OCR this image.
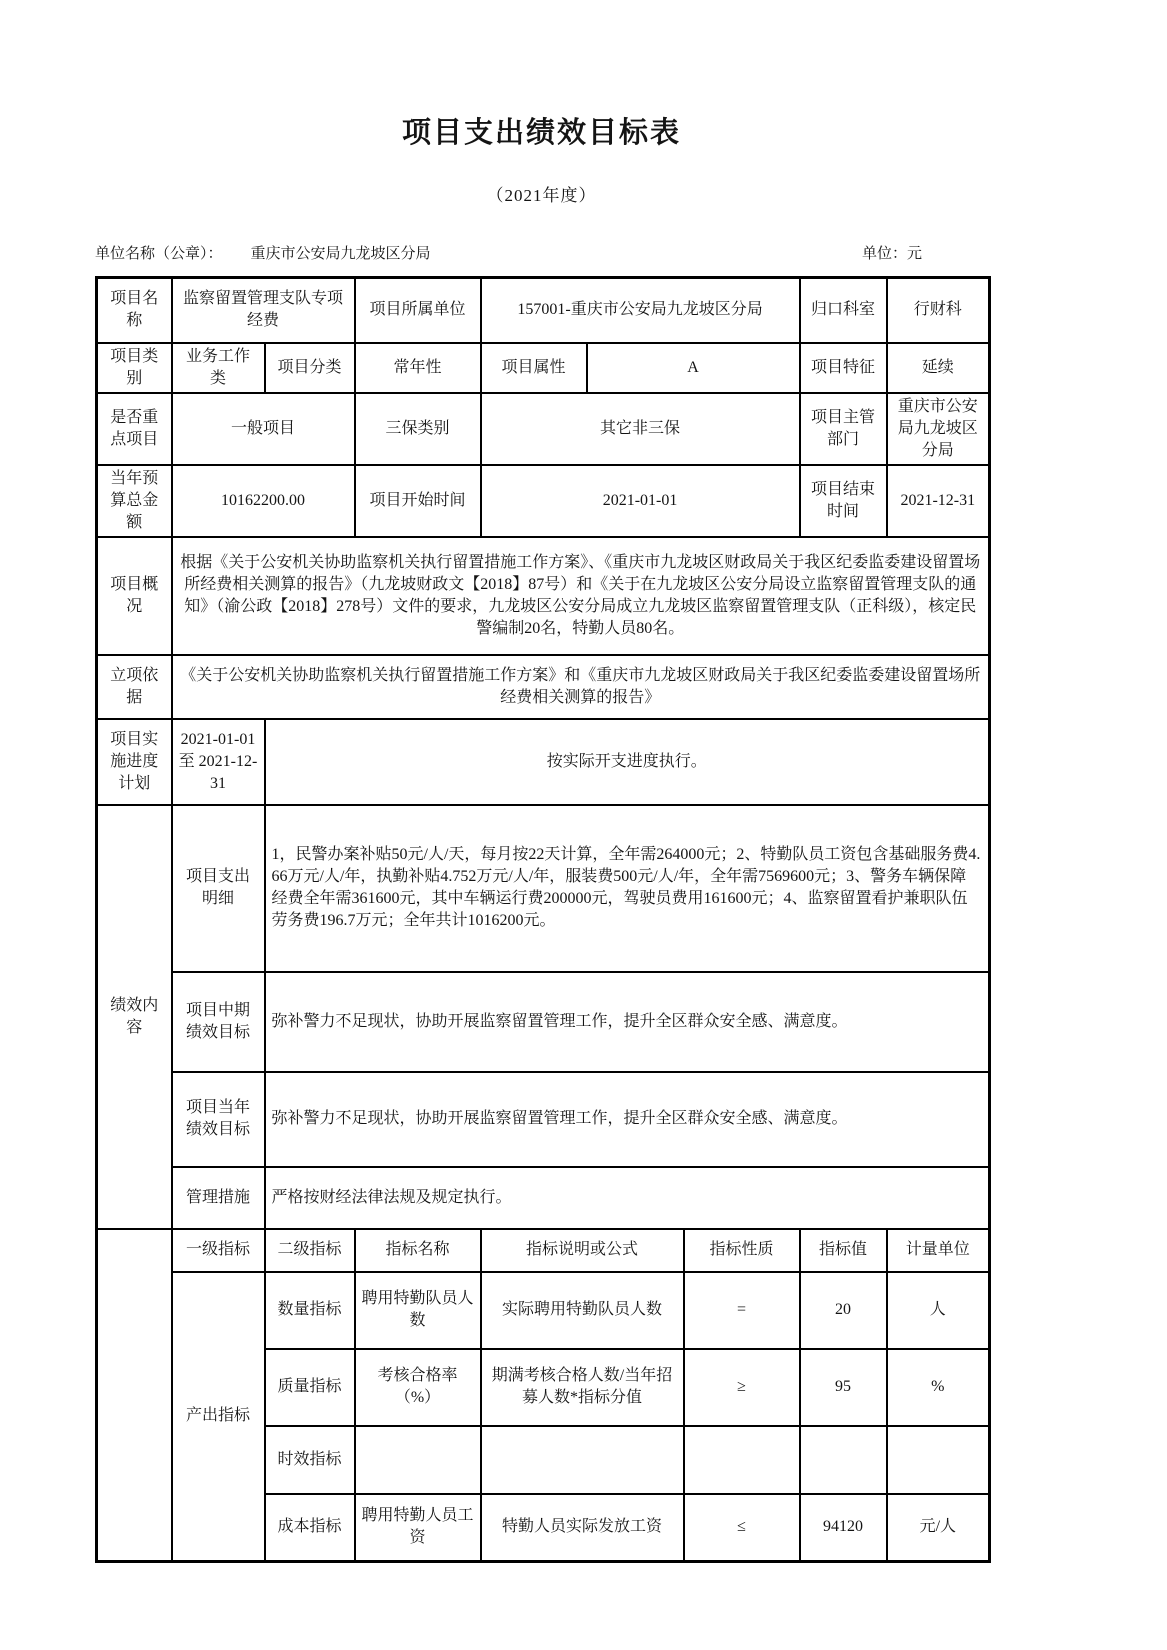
项目支出绩效目标表
（2021年度）
单位名称（公章）： 重庆市公安局九龙坡区分局	单位：元
项目名称	监察留置管理支队专项经费		项目所属单位	157001-重庆市公安局九龙坡区分局			归口科室	行财科
项目类别	业务工作类	项目分类	常年性	项目属性	A		项目特征	延续
是否重点项目	一般项目		三保类别	其它非三保			项目主管部门	重庆市公安局九龙坡区分局
当年预算总金额	10162200.00		项目开始时间	2021-01-01			项目结束时间	2021-12-31
项目概况	根据《关于公安机关协助监察机关执行留置措施工作方案》、《重庆市九龙坡区财政局关于我区纪委监委建设留置场所经费相关测算的报告》（九龙坡财政文【2018】87号）和《关于在九龙坡区公安分局设立监察留置管理支队的通知》（渝公政【2018】278号）文件的要求，九龙坡区公安分局成立九龙坡区监察留置管理支队（正科级），核定民警编制20名，特勤人员80名。							
立项依据	《关于公安机关协助监察机关执行留置措施工作方案》和《重庆市九龙坡区财政局关于我区纪委监委建设留置场所经费相关测算的报告》							
项目实施进度计划	2021-01-01 至 2021-12-31	按实际开支进度执行。						
绩效内容	项目支出明细	1，民警办案补贴50元/人/天，每月按22天计算，全年需264000元；2、特勤队员工资包含基础服务费4.66万元/人/年，执勤补贴4.752万元/人/年，服装费500元/人/年，全年需7569600元；3、警务车辆保障经费全年需361600元，其中车辆运行费200000元，驾驶员费用161600元；4、监察留置看护兼职队伍劳务费196.7万元；全年共计1016200元。						
	项目中期绩效目标	弥补警力不足现状，协助开展监察留置管理工作，提升全区群众安全感、满意度。						
	项目当年绩效目标	弥补警力不足现状，协助开展监察留置管理工作，提升全区群众安全感、满意度。						
	管理措施	严格按财经法律法规及规定执行。						
	一级指标	二级指标	指标名称	指标说明或公式		指标性质	指标值	计量单位
	产出指标	数量指标	聘用特勤队员人数	实际聘用特勤队员人数		=	20	人
		质量指标	考核合格率（%）	期满考核合格人数/当年招募人数*指标分值		≥	95	%
		时效指标						
		成本指标	聘用特勤人员工资	特勤人员实际发放工资		≤	94120	元/人
